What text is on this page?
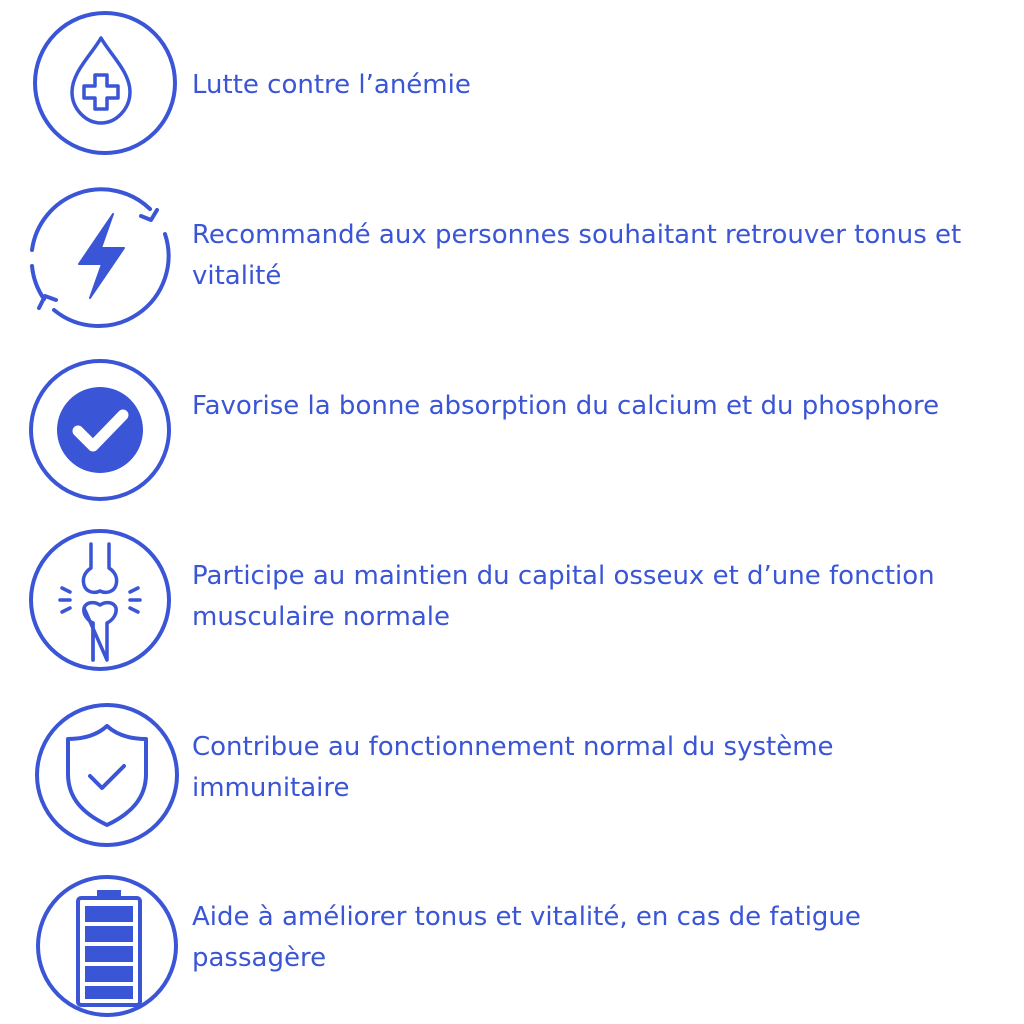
Lutte contre l’anémie

Recommandé aux personnes souhaitant retrouver tonus et vitalité

Favorise la bonne absorption du calcium et du phosphore

Participe au maintien du capital osseux et d’une fonction musculaire normale

Contribue au fonctionnement normal du système immunitaire

Aide à améliorer tonus et vitalité, en cas de fatigue passagère
